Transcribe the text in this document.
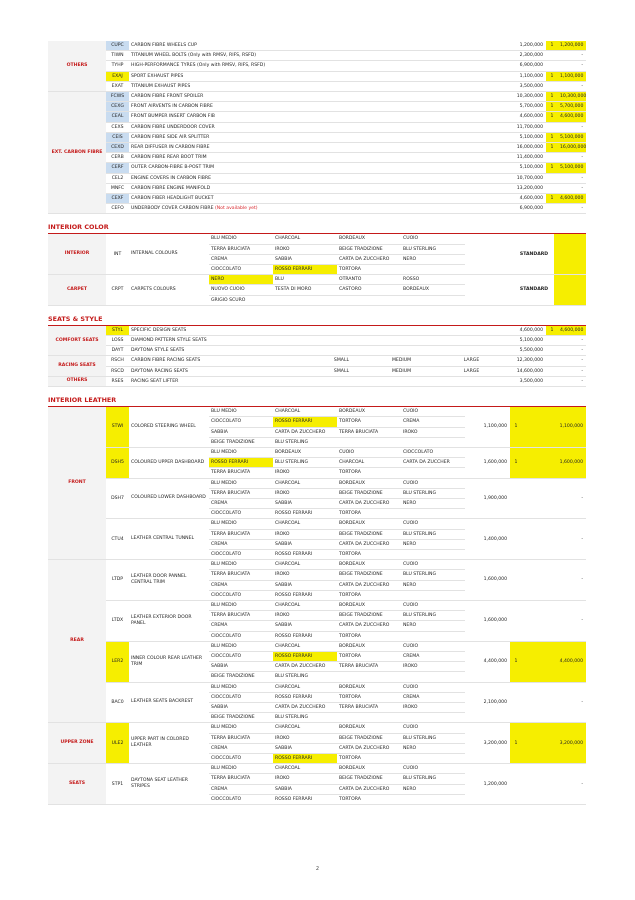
OTHERS	CUPC	CARBON FIBRE WHEELS CUP	1,200,000	1	1,200,000
	TIWN	TITANIUM WHEEL BOLTS (Only with RMSV, RIFS, RSFD)	2,300,000		-
	TYHP	HIGH-PERFORMANCE TYRES (Only with RMSV, RIFS, RSFD)	6,900,000		-
	EXAJ	SPORT EXHAUST PIPES	1,100,000	1	1,100,000
	EXAT	TITANIUM EXHAUST PIPES	3,500,000		-
EXT. CARBON FIBRE	FCWS	CARBON FIBRE FRONT SPOILER	10,300,000	1	10,300,000
	CEXG	FRONT AIRVENTS IN CARBON FIBRE	5,700,000	1	5,700,000
	CEAL	FRONT BUMPER INSERT CARBON FIB	4,600,000	1	4,600,000
	CEXS	CARBON FIBRE UNDERDOOR COVER	11,700,000		-
	CEIS	CARBON FIBRE SIDE AIR SPLITTER	5,100,000	1	5,100,000
	CEXD	REAR DIFFUSER IN CARBON FIBRE	16,000,000	1	16,000,000
	CERB	CARBON FIBRE REAR BOOT TRIM	11,400,000		-
	CERF	OUTER CARBON-FIBRE B-POST TRIM	5,100,000	1	5,100,000
	CEL2	ENGINE COVERS IN CARBON FIBRE	10,700,000		-
	MNFC	CARBON FIBRE ENGINE MANIFOLD	13,200,000		-
	CEXF	CARBON FIBER HEADLIGHT BUCKET	4,600,000	1	4,600,000
	CEFO	UNDERBODY COVER CARBON FIBRE (Not available yet)	6,900,000		-
INTERIOR COLOR
INTERIOR	INT	INTERNAL COLOURS	BLU MEDIO	CHARCOAL	BORDEAUX	CUOIO		STANDARD	
			TERRA BRUCIATA	IROKO	BEIGE TRADIZIONE	BLU STERLING			
			CREMA	SABBIA	CARTA DA ZUCCHERO	NERO			
			CIOCCOLATO	ROSSO FERRARI	TORTORA				
CARPET	CRPT	CARPETS COLOURS	NERO	BLU	OTRANTO	ROSSO		STANDARD	
			NUOVO CUOIO	TESTA DI MORO	CASTORO	BORDEAUX			
			GRIGIO SCURO						
SEATS & STYLE
COMFORT SEATS	STYL	SPECIFIC DESIGN SEATS				4,600,000	1	4,600,000
	LOSS	DIAMOND PATTERN STYLE SEATS				5,100,000		-
	DAYT	DAYTONA STYLE SEATS				5,500,000		-
RACING SEATS	RSCH	CARBON FIBRE RACING SEATS	SMALL	MEDIUM	LARGE	12,300,000		-
	RSCD	DAYTONA RACING SEATS	SMALL	MEDIUM	LARGE	14,600,000		-
OTHERS	RSES	RACING SEAT LIFTER				3,500,000		-
INTERIOR LEATHER
FRONT	STWI	COLORED STEERING WHEEL	BLU MEDIO	CHARCOAL	BORDEAUX	CUOIO	1,100,000	1	1,100,000
			CIOCCOLATO	ROSSO FERRARI	TORTORA	CREMA			
			SABBIA	CARTA DA ZUCCHERO	TERRA BRUCIATA	IROKO			
			BEIGE TRADIZIONE	BLU STERLING					
	DSH5	COLOURED UPPER DASHBOARD	BLU MEDIO	BORDEAUX	CUOIO	CIOCCOLATO	1,600,000	1	1,600,000
			ROSSO FERRARI	BLU STERLING	CHARCOAL	CARTA DA ZUCCHER			
			TERRA BRUCIATA	IROKO	TORTORA				
	DSH7	COLOURED LOWER DASHBOARD	BLU MEDIO	CHARCOAL	BORDEAUX	CUOIO	1,900,000		-
			TERRA BRUCIATA	IROKO	BEIGE TRADIZIONE	BLU STERLING			
			CREMA	SABBIA	CARTA DA ZUCCHERO	NERO			
			CIOCCOLATO	ROSSO FERRARI	TORTORA				
	CTU4	LEATHER CENTRAL TUNNEL	BLU MEDIO	CHARCOAL	BORDEAUX	CUOIO	1,400,000		-
			TERRA BRUCIATA	IROKO	BEIGE TRADIZIONE	BLU STERLING			
			CREMA	SABBIA	CARTA DA ZUCCHERO	NERO			
			CIOCCOLATO	ROSSO FERRARI	TORTORA				
REAR	LTDP	LEATHER DOOR PANNEL CENTRAL TRIM	BLU MEDIO	CHARCOAL	BORDEAUX	CUOIO	1,600,000		-
			TERRA BRUCIATA	IROKO	BEIGE TRADIZIONE	BLU STERLING			
			CREMA	SABBIA	CARTA DA ZUCCHERO	NERO			
			CIOCCOLATO	ROSSO FERRARI	TORTORA				
	LTDX	LEATHER EXTERIOR DOOR PANEL	BLU MEDIO	CHARCOAL	BORDEAUX	CUOIO	1,600,000		-
			TERRA BRUCIATA	IROKO	BEIGE TRADIZIONE	BLU STERLING			
			CREMA	SABBIA	CARTA DA ZUCCHERO	NERO			
			CIOCCOLATO	ROSSO FERRARI	TORTORA				
	LER2	INNER COLOUR REAR LEATHER TRIM	BLU MEDIO	CHARCOAL	BORDEAUX	CUOIO	4,400,000	1	4,400,000
			CIOCCOLATO	ROSSO FERRARI	TORTORA	CREMA			
			SABBIA	CARTA DA ZUCCHERO	TERRA BRUCIATA	IROKO			
			BEIGE TRADIZIONE	BLU STERLING					
	BAC0	LEATHER SEATS BACKREST	BLU MEDIO	CHARCOAL	BORDEAUX	CUOIO	2,100,000		-
			CIOCCOLATO	ROSSO FERRARI	TORTORA	CREMA			
			SABBIA	CARTA DA ZUCCHERO	TERRA BRUCIATA	IROKO			
			BEIGE TRADIZIONE	BLU STERLING					
UPPER ZONE	ULE2	UPPER PART IN COLORED LEATHER	BLU MEDIO	CHARCOAL	BORDEAUX	CUOIO	3,200,000	1	3,200,000
			TERRA BRUCIATA	IROKO	BEIGE TRADIZIONE	BLU STERLING			
			CREMA	SABBIA	CARTA DA ZUCCHERO	NERO			
			CIOCCOLATO	ROSSO FERRARI	TORTORA				
SEATS	STP1	DAYTONA SEAT LEATHER STRIPES	BLU MEDIO	CHARCOAL	BORDEAUX	CUOIO	1,200,000		-
			TERRA BRUCIATA	IROKO	BEIGE TRADIZIONE	BLU STERLING			
			CREMA	SABBIA	CARTA DA ZUCCHERO	NERO			
			CIOCCOLATO	ROSSO FERRARI	TORTORA				
2
